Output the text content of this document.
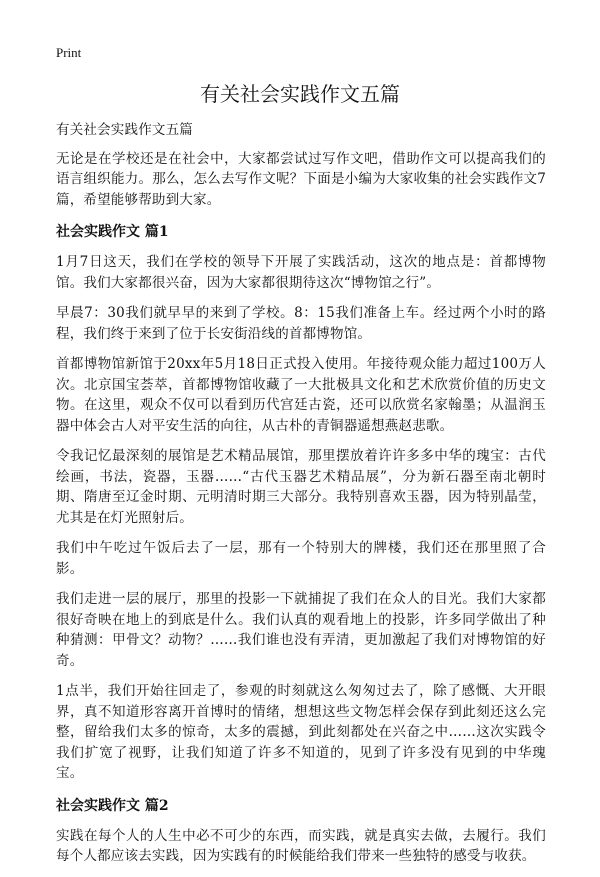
Print
有关社会实践作文五篇

有关社会实践作文五篇

无论是在学校还是在社会中，大家都尝试过写作文吧，借助作文可以提高我们的语言组织能力。那么，怎么去写作文呢？下面是小编为大家收集的社会实践作文7篇，希望能够帮助到大家。

社会实践作文 篇1

1月7日这天，我们在学校的领导下开展了实践活动，这次的地点是：首都博物馆。我们大家都很兴奋，因为大家都很期待这次“博物馆之行”。

早晨7：30我们就早早的来到了学校。8：15我们准备上车。经过两个小时的路程，我们终于来到了位于长安街沿线的首都博物馆。

首都博物馆新馆于20xx年5月18日正式投入使用。年接待观众能力超过100万人次。北京国宝荟萃，首都博物馆收藏了一大批极具文化和艺术欣赏价值的历史文物。在这里，观众不仅可以看到历代宫廷古瓷，还可以欣赏名家翰墨；从温润玉器中体会古人对平安生活的向往，从古朴的青铜器遥想燕赵悲歌。

令我记忆最深刻的展馆是艺术精品展馆，那里摆放着许许多多中华的瑰宝：古代绘画，书法，瓷器，玉器……“古代玉器艺术精品展”，分为新石器至南北朝时期、隋唐至辽金时期、元明清时期三大部分。我特别喜欢玉器，因为特别晶莹，尤其是在灯光照射后。

我们中午吃过午饭后去了一层，那有一个特别大的牌楼，我们还在那里照了合影。

我们走进一层的展厅，那里的投影一下就捕捉了我们在众人的目光。我们大家都很好奇映在地上的到底是什么。我们认真的观看地上的投影，许多同学做出了种种猜测：甲骨文？动物？……我们谁也没有弄清，更加激起了我们对博物馆的好奇。

1点半，我们开始往回走了，参观的时刻就这么匆匆过去了，除了感慨、大开眼界，真不知道形容离开首博时的情绪，想想这些文物怎样会保存到此刻还这么完整，留给我们太多的惊奇，太多的震撼，到此刻都处在兴奋之中……这次实践令我们扩宽了视野，让我们知道了许多不知道的，见到了许多没有见到的中华瑰宝。

社会实践作文 篇2

实践在每个人的人生中必不可少的东西，而实践，就是真实去做，去履行。我们每个人都应该去实践，因为实践有的时候能给我们带来一些独特的感受与收获。
